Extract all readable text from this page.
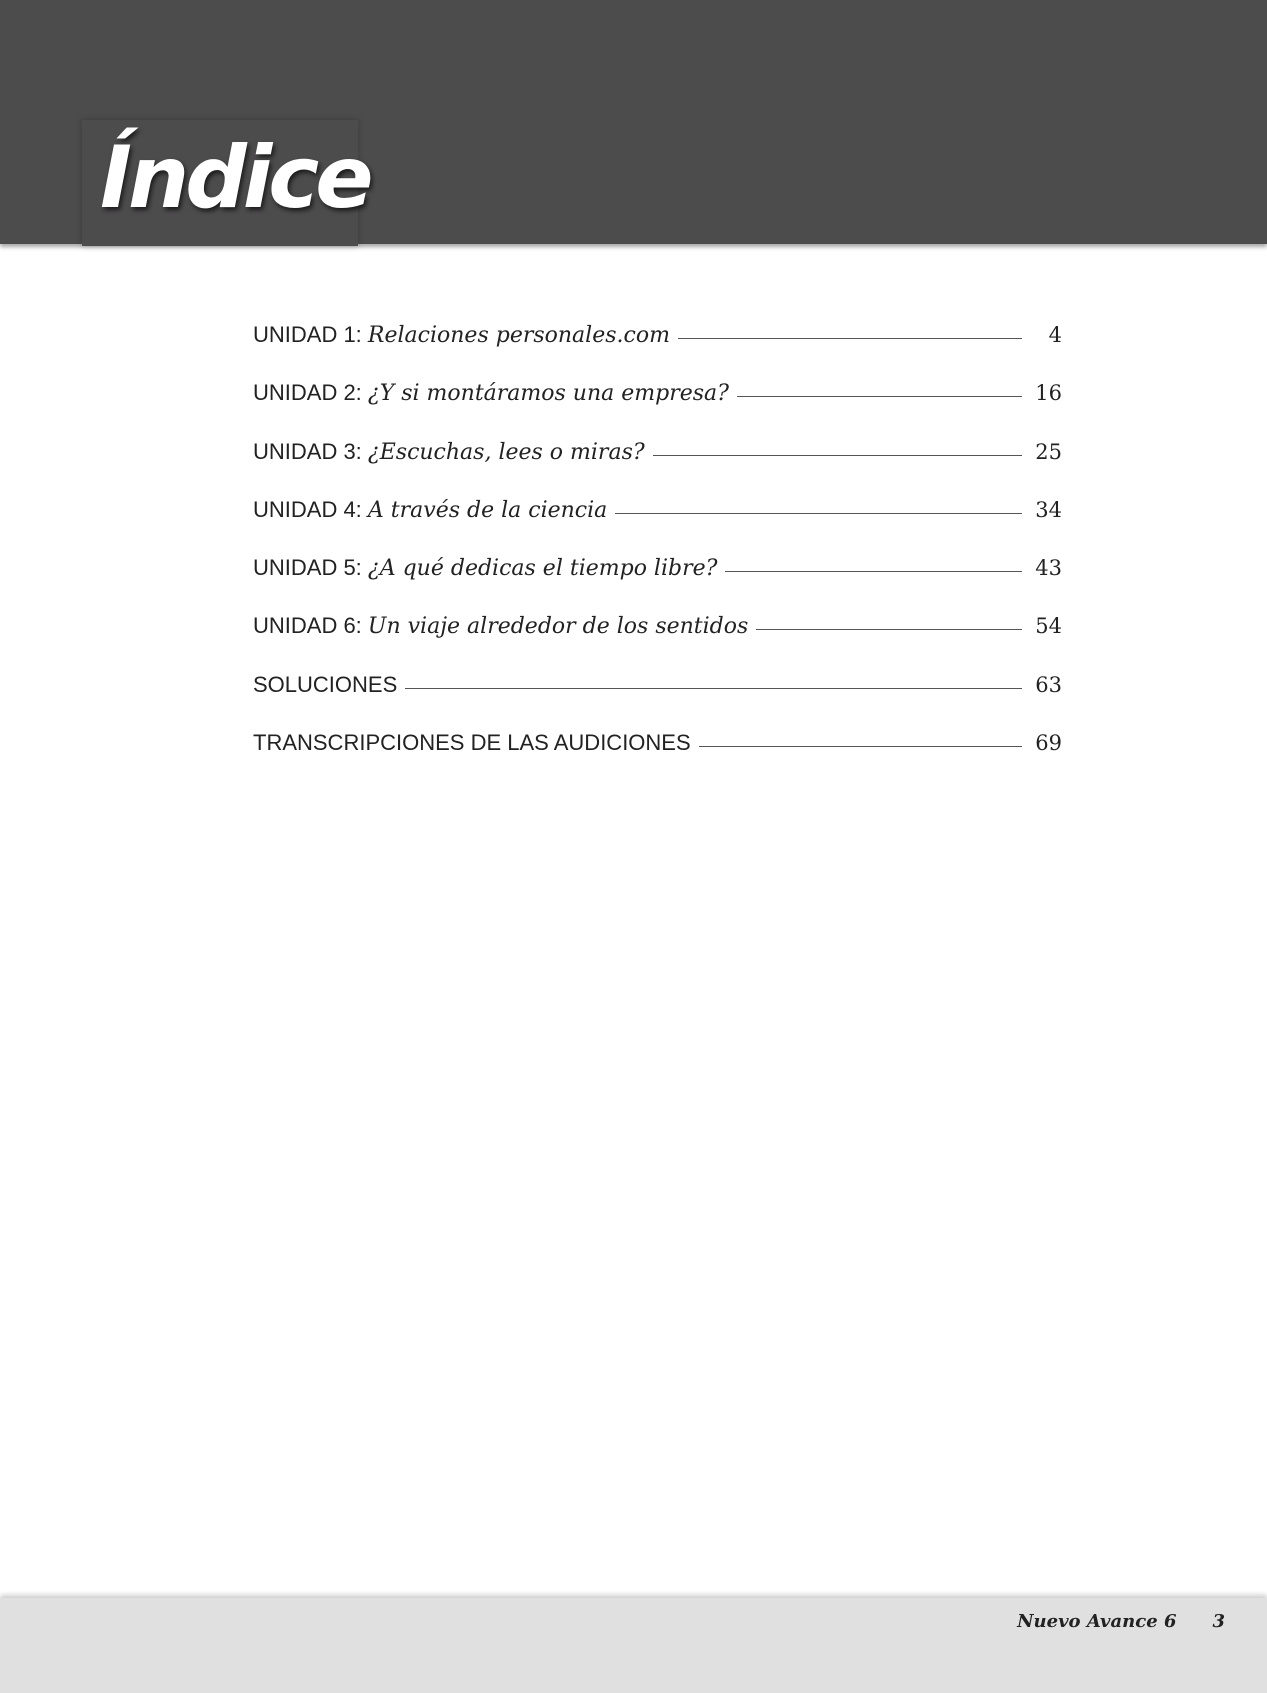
Índice
UNIDAD 1: Relaciones personales.com	4
UNIDAD 2: ¿Y si montáramos una empresa?	16
UNIDAD 3: ¿Escuchas, lees o miras?	25
UNIDAD 4: A través de la ciencia	34
UNIDAD 5: ¿A qué dedicas el tiempo libre?	43
UNIDAD 6: Un viaje alrededor de los sentidos	54
SOLUCIONES	63
TRANSCRIPCIONES DE LAS AUDICIONES	69
Nuevo Avance 6 3
